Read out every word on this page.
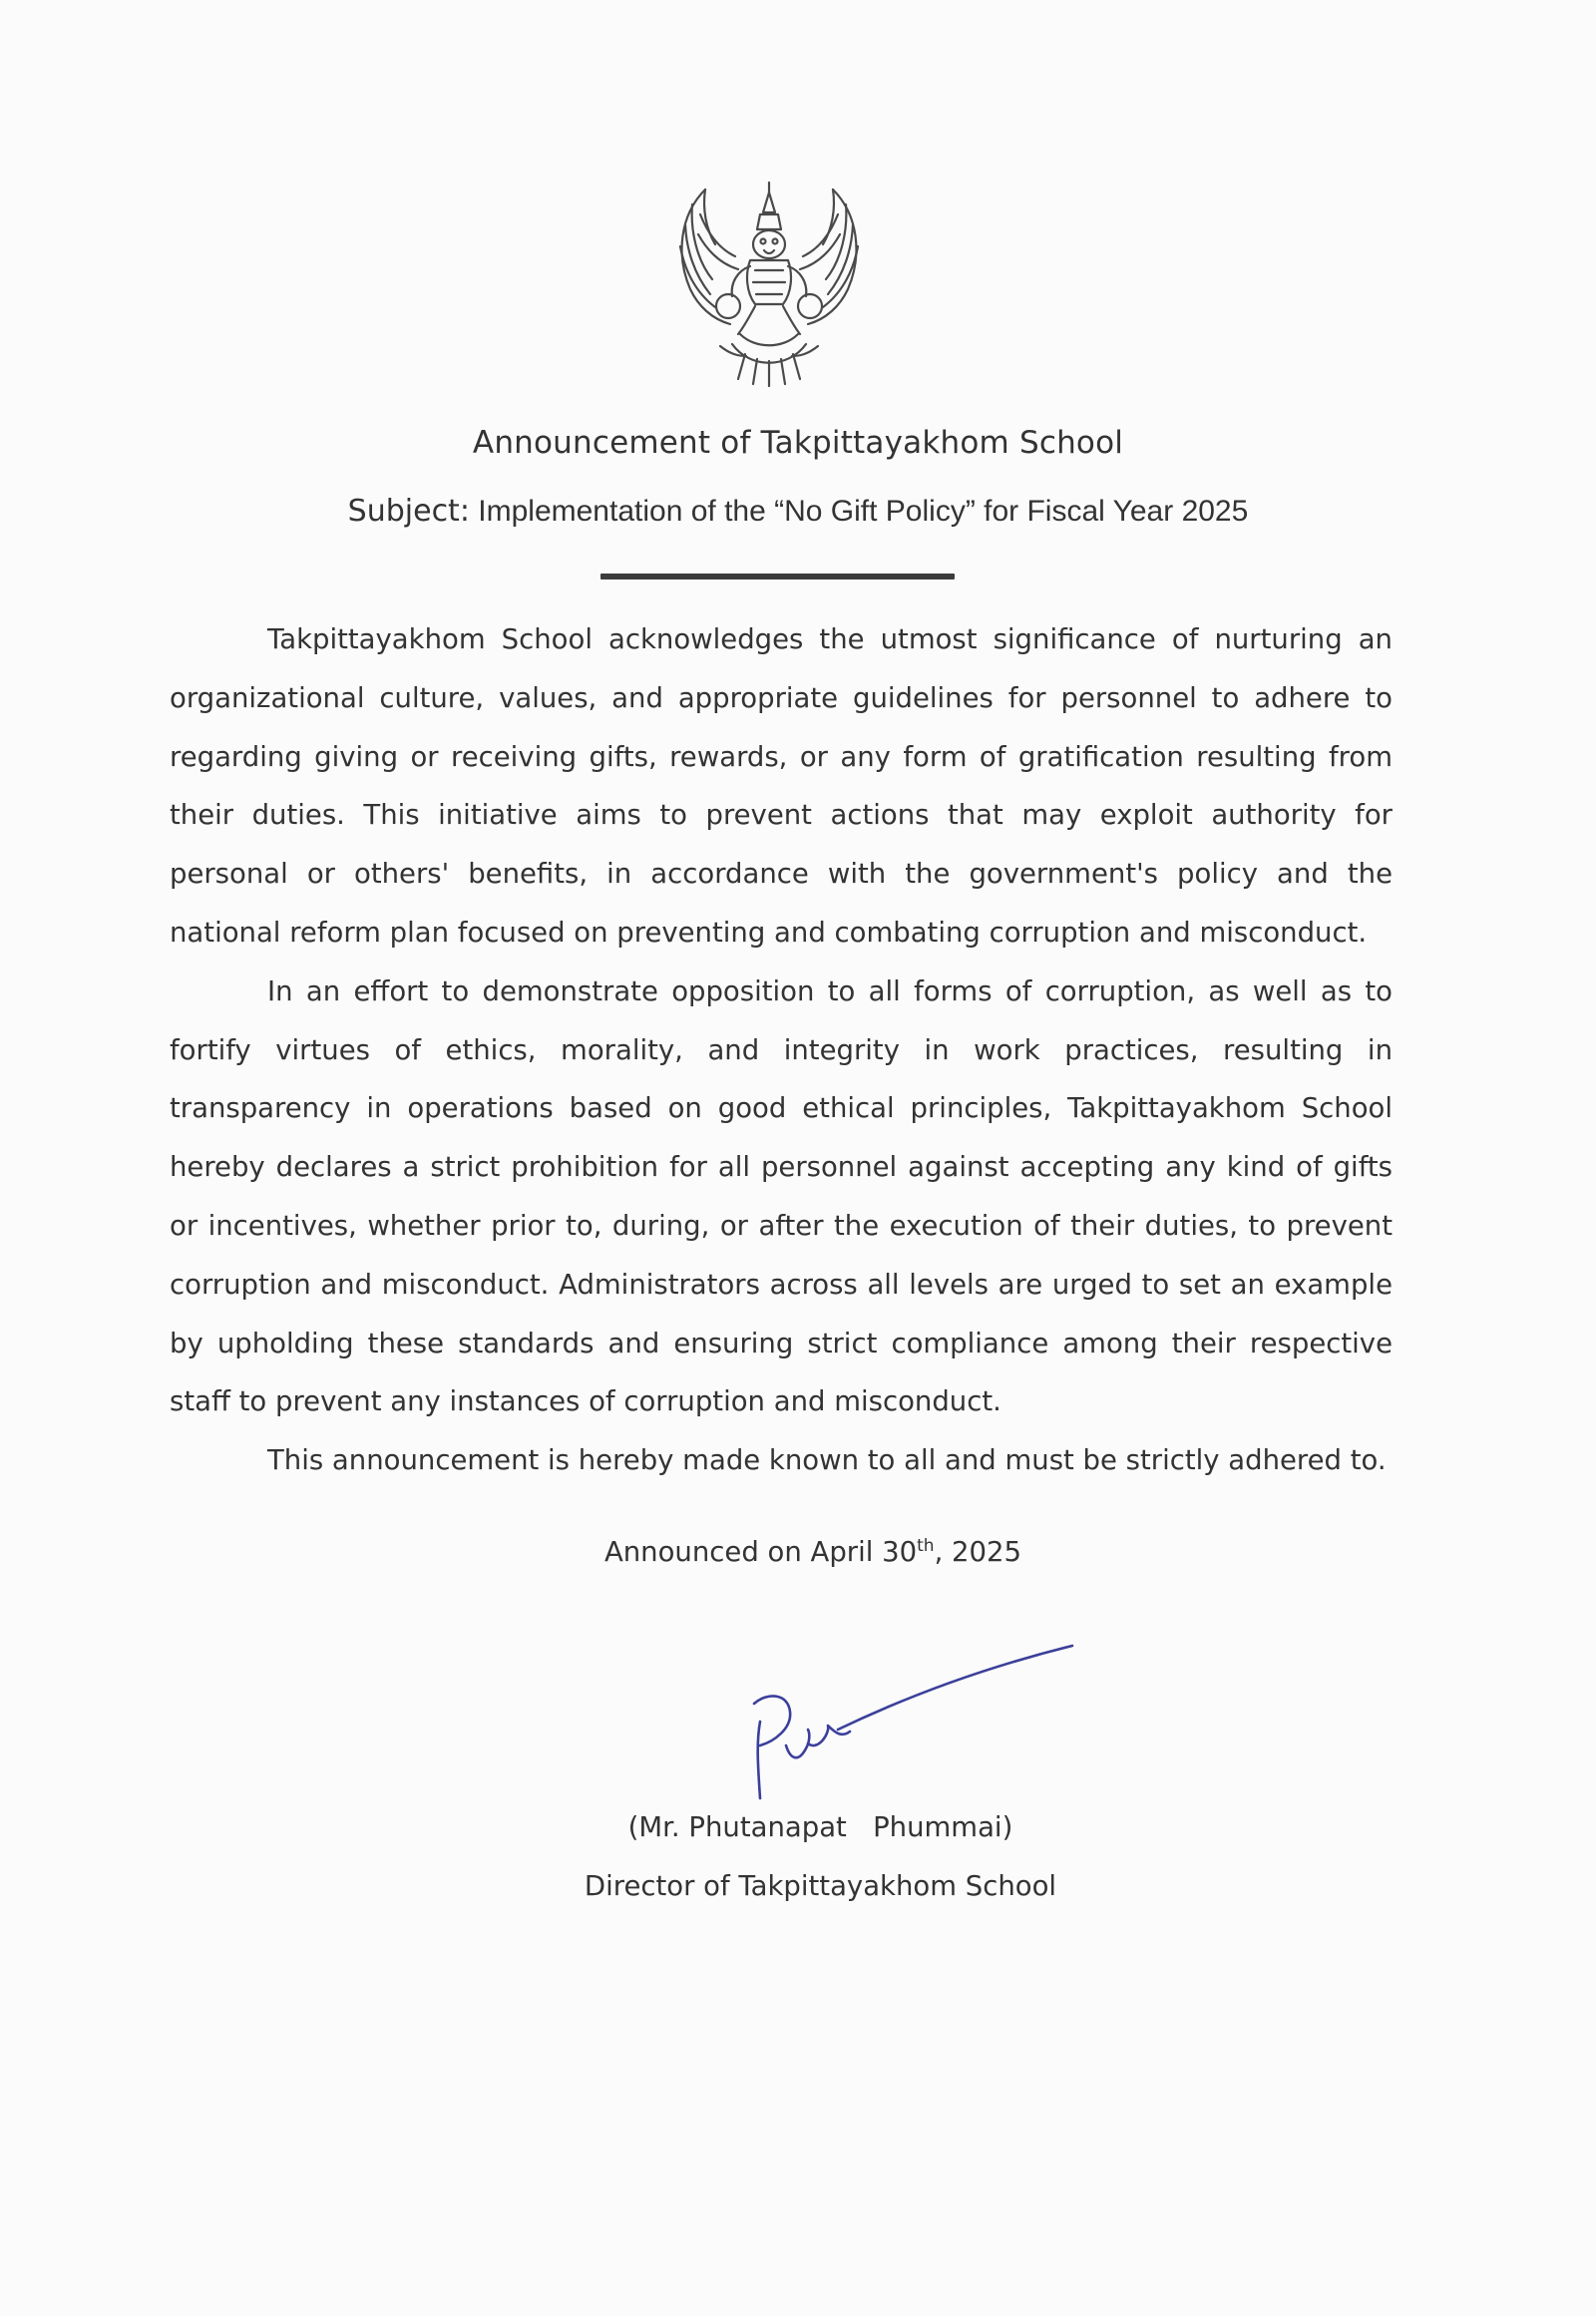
Announcement of Takpittayakhom School
Subject: Implementation of the “No Gift Policy” for Fiscal Year 2025

Takpittayakhom School acknowledges the utmost significance of nurturing an organizational culture, values, and appropriate guidelines for personnel to adhere to regarding giving or receiving gifts, rewards, or any form of gratification resulting from their duties. This initiative aims to prevent actions that may exploit authority for personal or others' benefits, in accordance with the government's policy and the national reform plan focused on preventing and combating corruption and misconduct.

In an effort to demonstrate opposition to all forms of corruption, as well as to fortify virtues of ethics, morality, and integrity in work practices, resulting in transparency in operations based on good ethical principles, Takpittayakhom School hereby declares a strict prohibition for all personnel against accepting any kind of gifts or incentives, whether prior to, during, or after the execution of their duties, to prevent corruption and misconduct. Administrators across all levels are urged to set an example by upholding these standards and ensuring strict compliance among their respective staff to prevent any instances of corruption and misconduct.

This announcement is hereby made known to all and must be strictly adhered to.

Announced on April 30th, 2025
(Mr. Phutanapat   Phummai)
Director of Takpittayakhom School
